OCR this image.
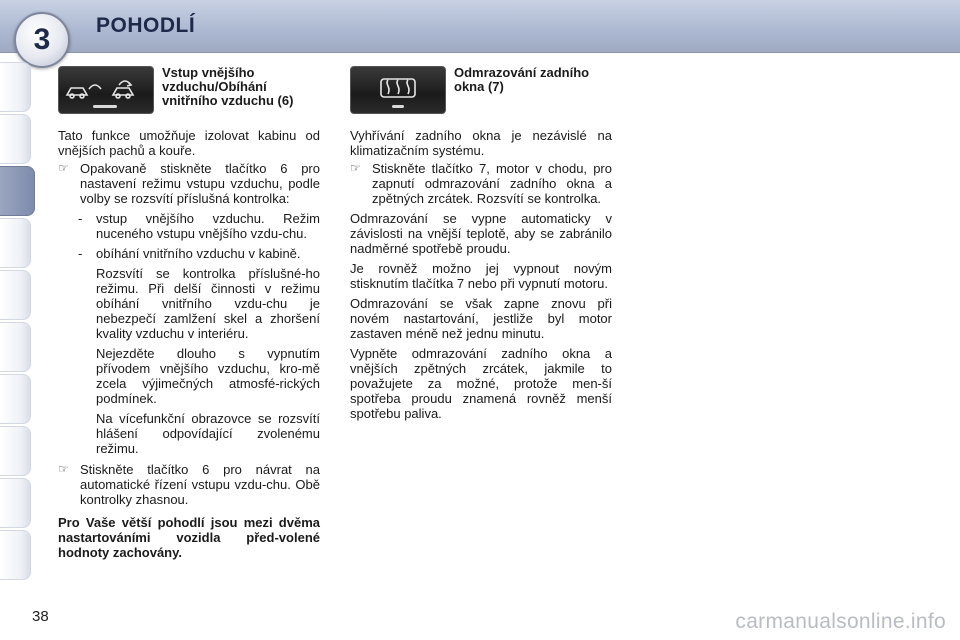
3 POHODLÍ
Vstup vnějšího vzduchu/Obíhání vnitřního vzduchu (6)

Tato funkce umožňuje izolovat kabinu od vnějších pachů a kouře.

☞ Opakovaně stiskněte tlačítko 6 pro nastavení režimu vstupu vzduchu, podle volby se rozsvítí příslušná kontrolka:
-	vstup vnějšího vzduchu. Režim nuceného vstupu vnějšího vzdu-chu.
-	obíhání vnitřního vzduchu v kabině.

Rozsvítí se kontrolka příslušné-ho režimu. Při delší činnosti v režimu obíhání vnitřního vzdu-chu je nebezpečí zamlžení skel a zhoršení kvality vzduchu v interiéru.

Nejezděte dlouho s vypnutím přívodem vnějšího vzduchu, kro-mě zcela výjimečných atmosfé-rických podmínek.

Na vícefunkční obrazovce se rozsvítí hlášení odpovídající zvolenému režimu.

☞ Stiskněte tlačítko 6 pro návrat na automatické řízení vstupu vzdu-chu. Obě kontrolky zhasnou.

Pro Vaše větší pohodlí jsou mezi dvěma nastartováními vozidla před-volené hodnoty zachovány.

Odmrazování zadního okna (7)

Vyhřívání zadního okna je nezávislé na klimatizačním systému.

☞ Stiskněte tlačítko 7, motor v chodu, pro zapnutí odmrazování zadního okna a zpětných zrcátek. Rozsvítí se kontrolka.

Odmrazování se vypne automaticky v závislosti na vnější teplotě, aby se zabránilo nadměrné spotřebě proudu.

Je rovněž možno jej vypnout novým stisknutím tlačítka 7 nebo při vypnutí motoru.

Odmrazování se však zapne znovu při novém nastartování, jestliže byl motor zastaven méně než jednu minutu.

Vypněte odmrazování zadního okna a vnějších zpětných zrcátek, jakmile to považujete za možné, protože men-ší spotřeba proudu znamená rovněž menší spotřebu paliva.

38	carmanualsonline.info
